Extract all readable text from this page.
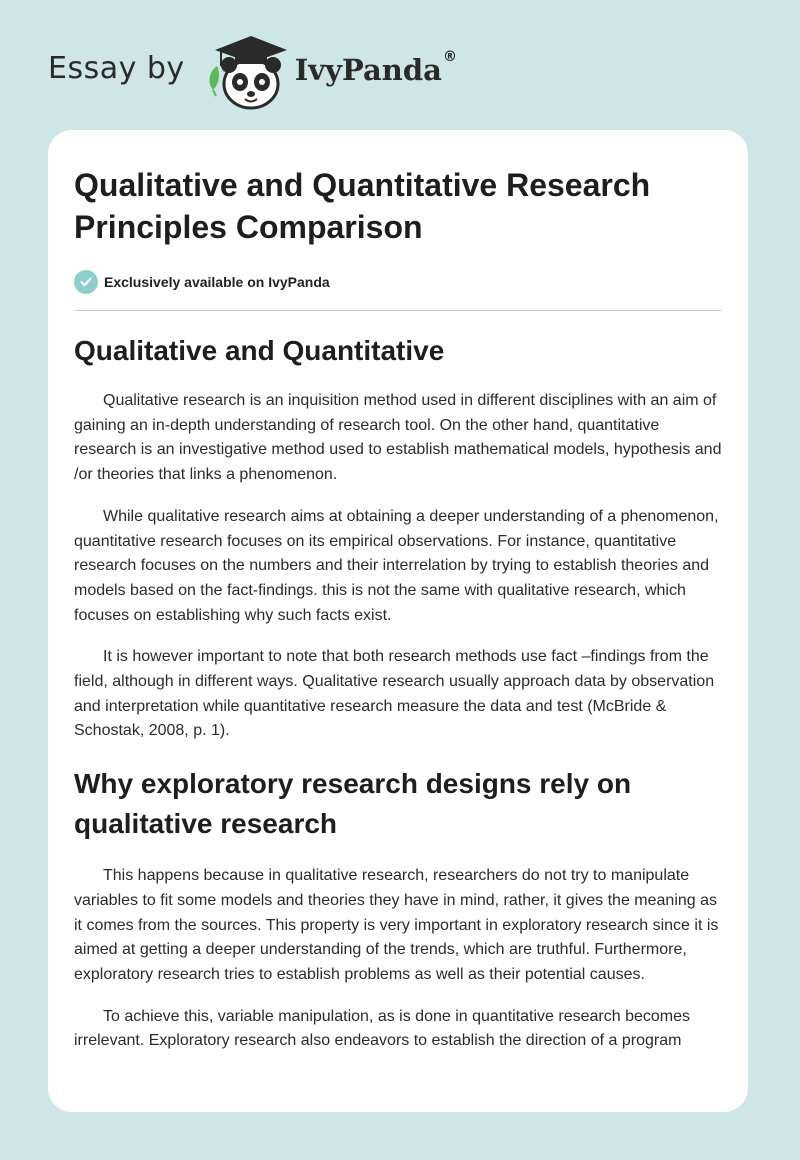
Essay by	IvyPanda®
Qualitative and Quantitative Research Principles Comparison
Exclusively available on IvyPanda
Qualitative and Quantitative

Qualitative research is an inquisition method used in different disciplines with an aim of gaining an in-depth understanding of research tool. On the other hand, quantitative research is an investigative method used to establish mathematical models, hypothesis and /or theories that links a phenomenon.

While qualitative research aims at obtaining a deeper understanding of a phenomenon, quantitative research focuses on its empirical observations. For instance, quantitative research focuses on the numbers and their interrelation by trying to establish theories and models based on the fact-findings. this is not the same with qualitative research, which focuses on establishing why such facts exist.

It is however important to note that both research methods use fact –findings from the field, although in different ways. Qualitative research usually approach data by observation and interpretation while quantitative research measure the data and test (McBride & Schostak, 2008, p. 1).

Why exploratory research designs rely on qualitative research

This happens because in qualitative research, researchers do not try to manipulate variables to fit some models and theories they have in mind, rather, it gives the meaning as it comes from the sources. This property is very important in exploratory research since it is aimed at getting a deeper understanding of the trends, which are truthful. Furthermore, exploratory research tries to establish problems as well as their potential causes.

To achieve this, variable manipulation, as is done in quantitative research becomes irrelevant. Exploratory research also endeavors to establish the direction of a program
